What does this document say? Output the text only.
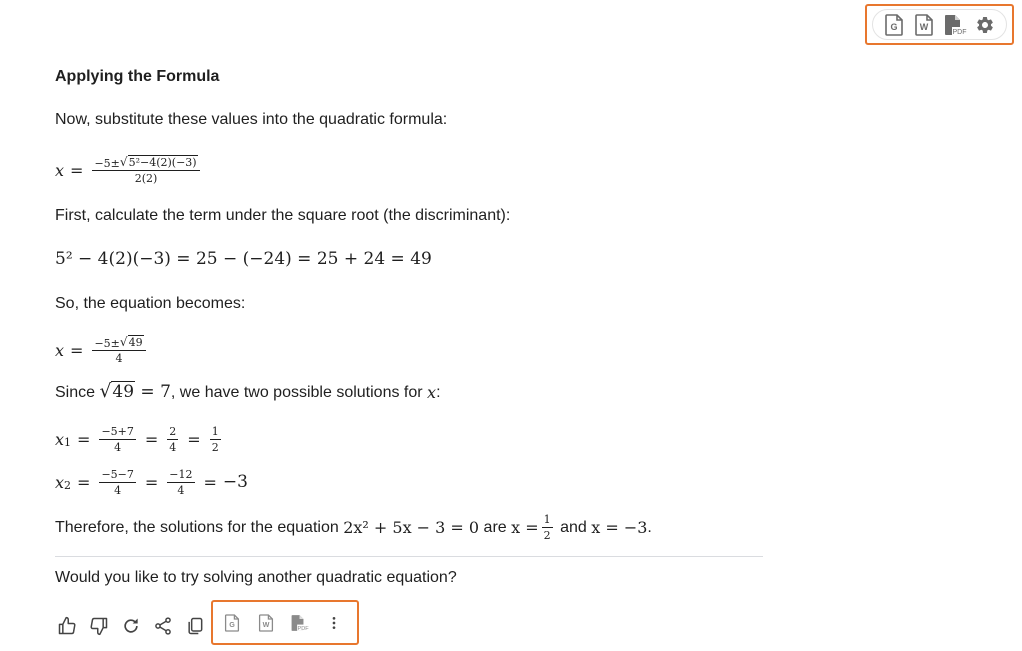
G W
PDF
Applying the Formula
Now, substitute these values into the quadratic formula:
$x = \frac{\text{−5± √ 5²−4(2)(−3)}}{2(2)}$
First, calculate the term under the square root (the discriminant):
5² − 4(2)(−3) = 25 − (−24) = 25 + 24 = 49
So, the equation becomes:
$x = \frac{-5\pm √ 49}{4}$
Since √ 49 = 7 , we have two possible solutions for x :
$x_1 = \frac{-5+7}{4} = \frac{2}{4} = \frac{1}{2}$
$x_2 = \frac{-5-7}{4} = \frac{-12}{4} = -3$
Therefore, the solutions for the equation 2x² + 5x − 3 = 0 are $x = \frac{1}{2}$ and x = −3 .
Would you like to try solving another quadratic equation?
G	W
PDF
